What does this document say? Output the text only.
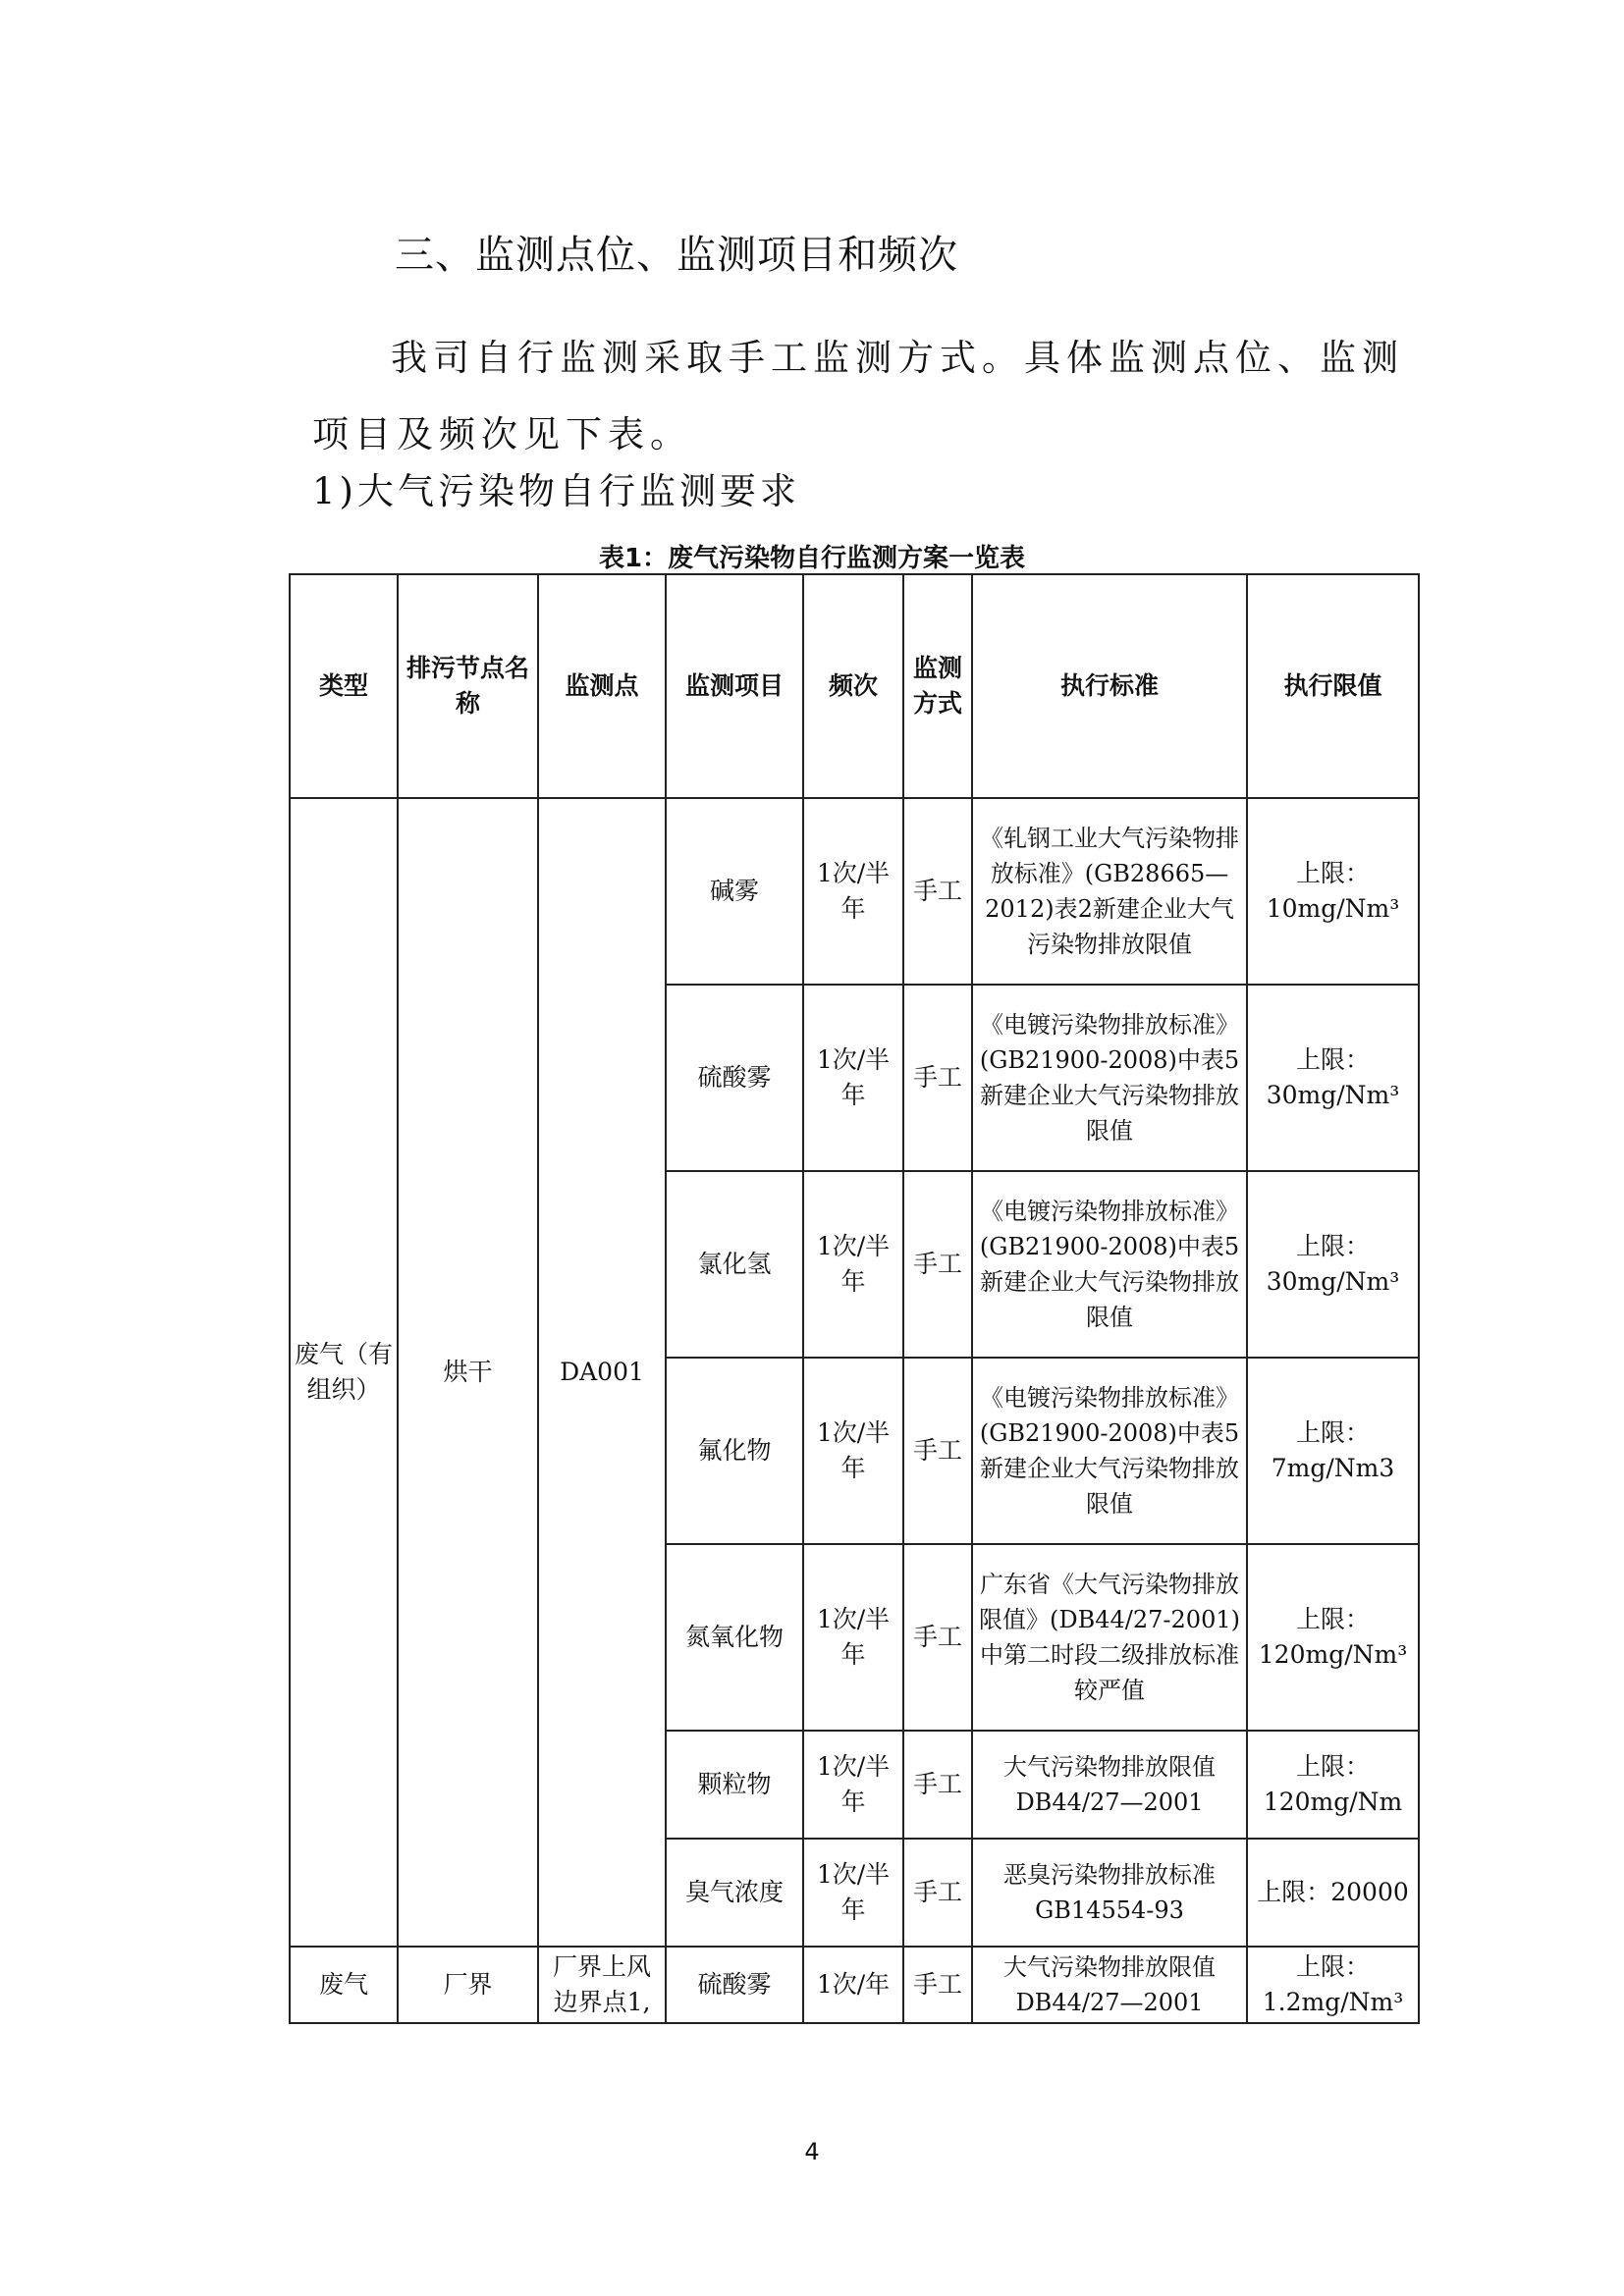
三、监测点位、监测项目和频次
我司自行监测采取手工监测方式。具体监测点位、监测项目及频次见下表。
1)大气污染物自行监测要求
表1：废气污染物自行监测方案一览表
类型	排污节点名称	监测点	监测项目	频次	监测方式	执行标准	执行限值
废气（有组织）	烘干	DA001	碱雾	1次/半年	手工	《轧钢工业大气污染物排放标准》(GB28665—2012)表2新建企业大气污染物排放限值	上限：10mg/Nm³
			硫酸雾	1次/半年	手工	《电镀污染物排放标准》(GB21900-2008)中表5新建企业大气污染物排放限值	上限：30mg/Nm³
			氯化氢	1次/半年	手工	《电镀污染物排放标准》(GB21900-2008)中表5新建企业大气污染物排放限值	上限：30mg/Nm³
			氟化物	1次/半年	手工	《电镀污染物排放标准》(GB21900-2008)中表5新建企业大气污染物排放限值	上限：7mg/Nm3
			氮氧化物	1次/半年	手工	广东省《大气污染物排放限值》(DB44/27-2001)中第二时段二级排放标准较严值	上限：120mg/Nm³
			颗粒物	1次/半年	手工	大气污染物排放限值DB44/27—2001	上限：120mg/Nm
			臭气浓度	1次/半年	手工	恶臭污染物排放标准 GB14554-93	上限：20000
废气	厂界	厂界上风边界点1,	硫酸雾	1次/年	手工	大气污染物排放限值DB44/27—2001	上限：1.2mg/Nm³
4
